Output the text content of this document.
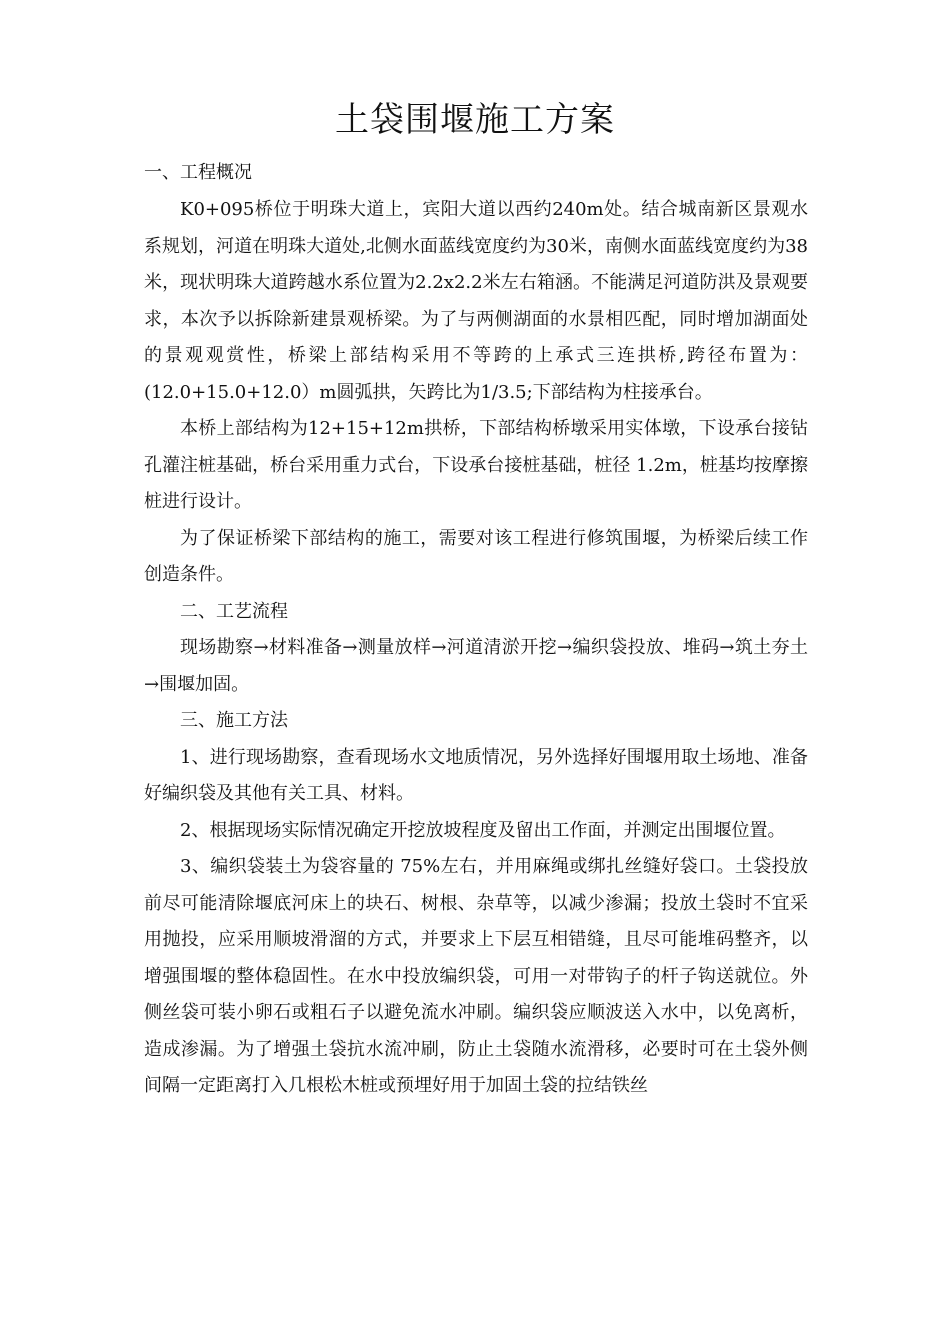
土袋围堰施工方案

一、工程概况

K0+095桥位于明珠大道上，宾阳大道以西约240m处。结合城南新区景观水系规划，河道在明珠大道处,北侧水面蓝线宽度约为30米，南侧水面蓝线宽度约为38米，现状明珠大道跨越水系位置为2.2x2.2米左右箱涵。不能满足河道防洪及景观要求，本次予以拆除新建景观桥梁。为了与两侧湖面的水景相匹配，同时增加湖面处的景观观赏性，桥梁上部结构采用不等跨的上承式三连拱桥,跨径布置为：(12.0+15.0+12.0）m圆弧拱，矢跨比为1/3.5;下部结构为柱接承台。

本桥上部结构为12+15+12m拱桥，下部结构桥墩采用实体墩，下设承台接钻孔灌注桩基础，桥台采用重力式台，下设承台接桩基础，桩径 1.2m，桩基均按摩擦桩进行设计。

为了保证桥梁下部结构的施工，需要对该工程进行修筑围堰，为桥梁后续工作创造条件。

二、工艺流程

现场勘察→材料准备→测量放样→河道清淤开挖→编织袋投放、堆码→筑土夯土→围堰加固。

三、施工方法

1、进行现场勘察，查看现场水文地质情况，另外选择好围堰用取土场地、准备好编织袋及其他有关工具、材料。

2、根据现场实际情况确定开挖放坡程度及留出工作面，并测定出围堰位置。

3、编织袋装土为袋容量的 75%左右，并用麻绳或绑扎丝缝好袋口。土袋投放前尽可能清除堰底河床上的块石、树根、杂草等，以减少渗漏；投放土袋时不宜采用抛投，应采用顺坡滑溜的方式，并要求上下层互相错缝，且尽可能堆码整齐，以增强围堰的整体稳固性。在水中投放编织袋，可用一对带钩子的杆子钩送就位。外侧丝袋可装小卵石或粗石子以避免流水冲刷。编织袋应顺波送入水中，以免离析，造成渗漏。为了增强土袋抗水流冲刷，防止土袋随水流滑移，必要时可在土袋外侧间隔一定距离打入几根松木桩或预埋好用于加固土袋的拉结铁丝
